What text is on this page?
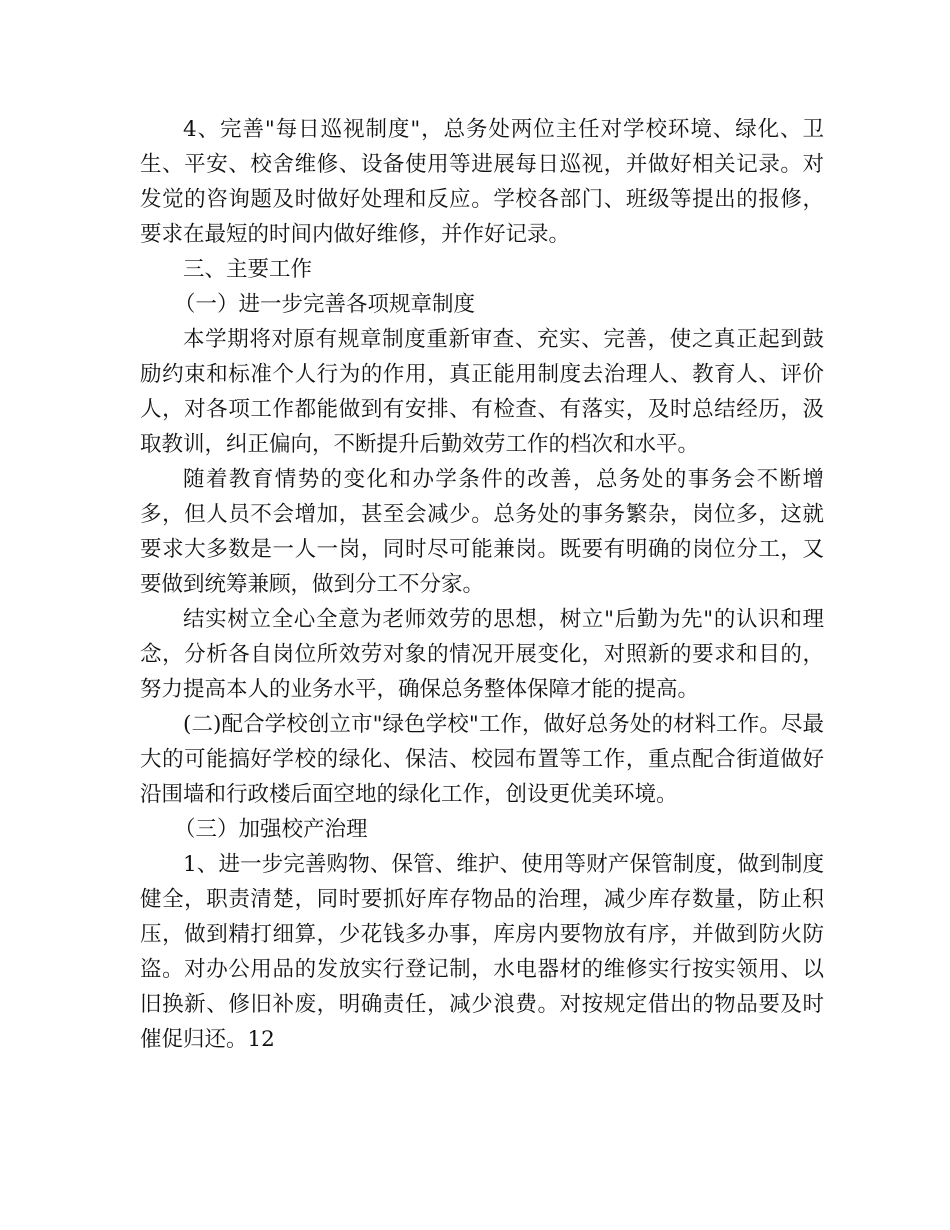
4、完善"每日巡视制度"，总务处两位主任对学校环境、绿化、卫生、平安、校舍维修、设备使用等进展每日巡视，并做好相关记录。对发觉的咨询题及时做好处理和反应。学校各部门、班级等提出的报修，要求在最短的时间内做好维修，并作好记录。

三、主要工作

（一）进一步完善各项规章制度

本学期将对原有规章制度重新审查、充实、完善，使之真正起到鼓励约束和标准个人行为的作用，真正能用制度去治理人、教育人、评价人，对各项工作都能做到有安排、有检查、有落实，及时总结经历，汲取教训，纠正偏向，不断提升后勤效劳工作的档次和水平。

随着教育情势的变化和办学条件的改善，总务处的事务会不断增多，但人员不会增加，甚至会减少。总务处的事务繁杂，岗位多，这就要求大多数是一人一岗，同时尽可能兼岗。既要有明确的岗位分工，又要做到统筹兼顾，做到分工不分家。

结实树立全心全意为老师效劳的思想，树立"后勤为先"的认识和理念，分析各自岗位所效劳对象的情况开展变化，对照新的要求和目的，努力提高本人的业务水平，确保总务整体保障才能的提高。

(二)配合学校创立市"绿色学校"工作，做好总务处的材料工作。尽最大的可能搞好学校的绿化、保洁、校园布置等工作，重点配合街道做好沿围墙和行政楼后面空地的绿化工作，创设更优美环境。

（三）加强校产治理

1、进一步完善购物、保管、维护、使用等财产保管制度，做到制度健全，职责清楚，同时要抓好库存物品的治理，减少库存数量，防止积压，做到精打细算，少花钱多办事，库房内要物放有序，并做到防火防盗。对办公用品的发放实行登记制，水电器材的维修实行按实领用、以旧换新、修旧补废，明确责任，减少浪费。对按规定借出的物品要及时催促归还。12
